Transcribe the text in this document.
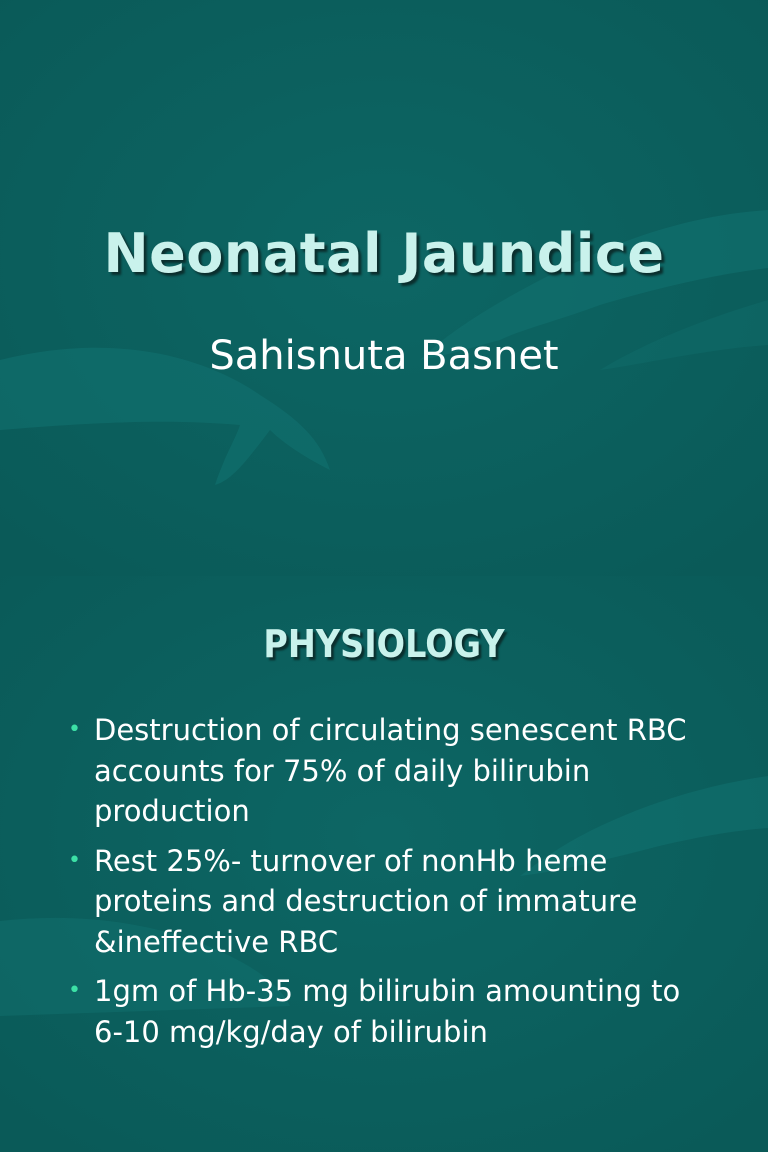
Neonatal Jaundice
Sahisnuta Basnet
PHYSIOLOGY
• Destruction of circulating senescent RBC accounts for 75% of daily bilirubin production
• Rest 25%- turnover of nonHb heme proteins and destruction of immature &ineffective RBC
• 1gm of Hb-35 mg bilirubin amounting to 6-10 mg/kg/day of bilirubin
